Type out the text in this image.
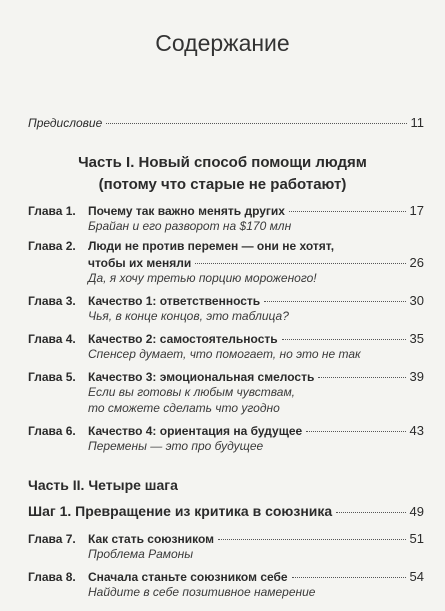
Содержание
Предисловие	11
Часть I. Новый способ помощи людям
(потому что старые не работают)
Глава 1.	Почему так важно менять других	17
Брайан и его разворот на $170 млн
Глава 2.	Люди не против перемен — они не хотят,
чтобы их меняли	26
Да, я хочу третью порцию мороженого!
Глава 3.	Качество 1: ответственность	30
Чья, в конце концов, это таблица?
Глава 4.	Качество 2: самостоятельность	35
Спенсер думает, что помогает, но это не так
Глава 5.	Качество 3: эмоциональная смелость	39
Если вы готовы к любым чувствам,
то сможете сделать что угодно
Глава 6.	Качество 4: ориентация на будущее	43
Перемены — это про будущее
Часть II. Четыре шага
Шаг 1. Превращение из критика в союзника	49
Глава 7.	Как стать союзником	51
Проблема Рамоны
Глава 8.	Сначала станьте союзником себе	54
Найдите в себе позитивное намерение
